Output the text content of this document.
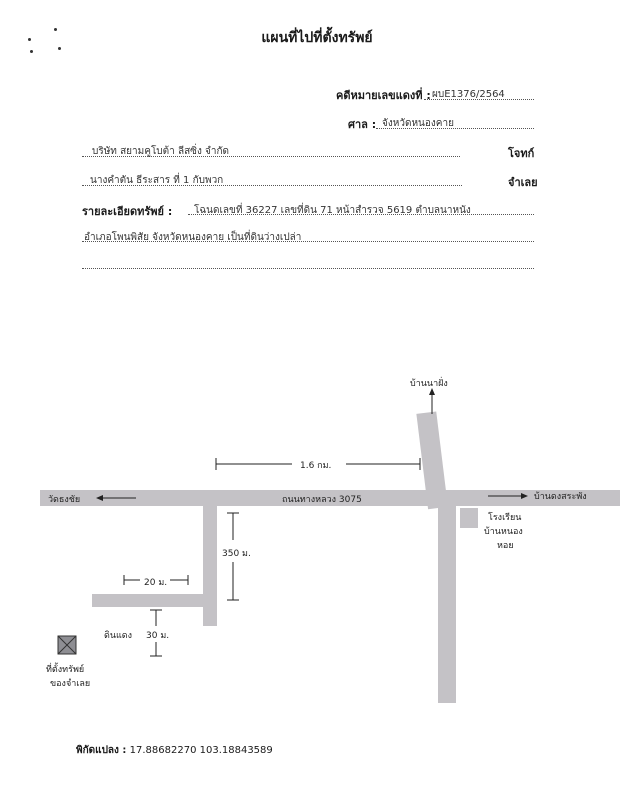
แผนที่ไปที่ตั้งทรัพย์
คดีหมายเลขแดงที่ : ผบE1376/2564
ศาล : จังหวัดหนองคาย
บริษัท สยามคูโบต้า ลีสซิ่ง จำกัด	โจทก์
นางคำตัน ธีระสาร ที่ 1 กับพวก	จำเลย
รายละเอียดทรัพย์ : โฉนดเลขที่ 36227 เลขที่ดิน 71 หน้าสำรวจ 5619 ตำบลนาหนัง
อำเภอโพนพิสัย จังหวัดหนองคาย เป็นที่ดินว่างเปล่า
บ้านนาฝั่ง
วัดธงชัย	บ้านดงสระพัง
ถนนทางหลวง 3075
1.6 กม.
350 ม.
20 ม.
30 ม.
ดินแดง
โรงเรียน
บ้านหนอง
หอย
ที่ตั้งทรัพย์
ของจำเลย
พิกัดแปลง : 17.88682270 103.18843589
